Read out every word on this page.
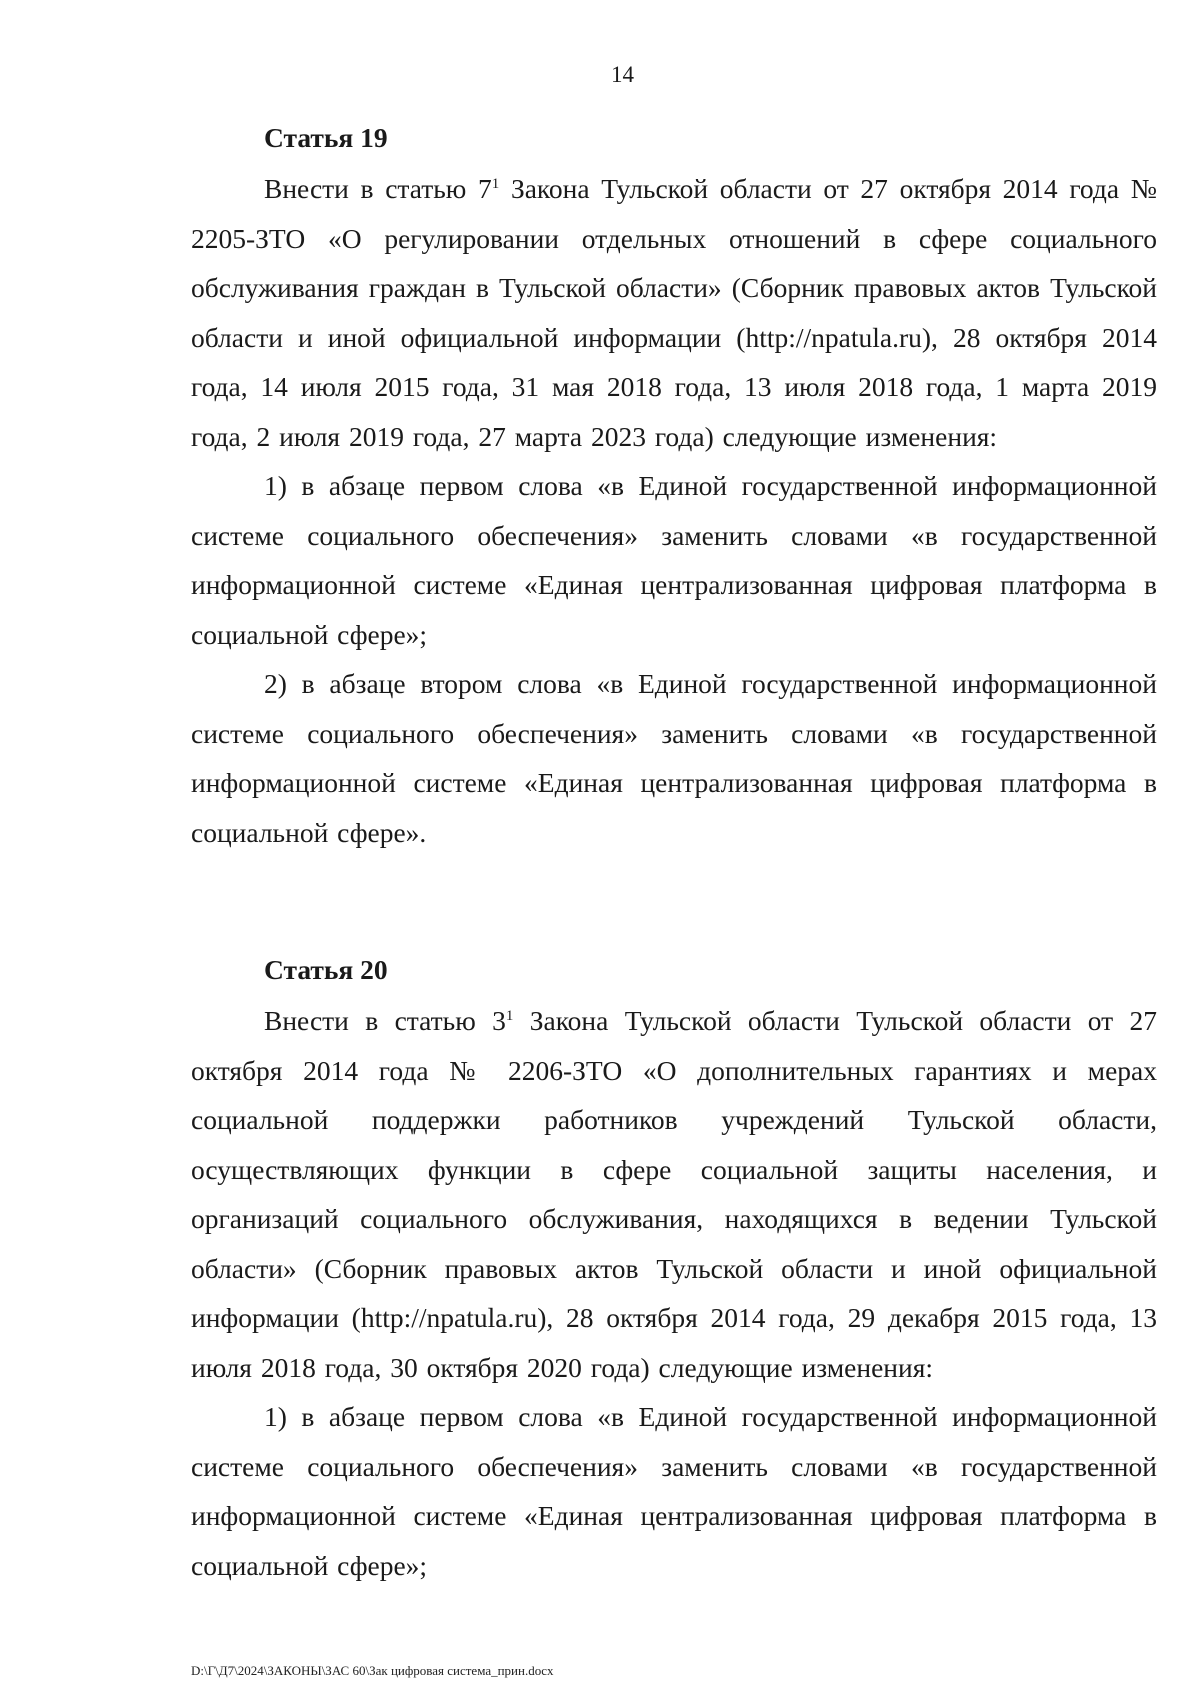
14
Статья 19

Внести в статью $7^1$ Закона Тульской области от 27 октября 2014 года № 2205-ЗТО «О регулировании отдельных отношений в сфере социального обслуживания граждан в Тульской области» (Сборник правовых актов Тульской области и иной официальной информации (http://npatula.ru), 28 октября 2014 года, 14 июля 2015 года, 31 мая 2018 года, 13 июля 2018 года, 1 марта 2019 года, 2 июля 2019 года, 27 марта 2023 года) следующие изменения:

1) в абзаце первом слова «в Единой государственной информационной системе социального обеспечения» заменить словами «в государственной информационной системе «Единая централизованная цифровая платформа в социальной сфере»;

2) в абзаце втором слова «в Единой государственной информационной системе социального обеспечения» заменить словами «в государственной информационной системе «Единая централизованная цифровая платформа в социальной сфере».

Статья 20

Внести в статью $3^1$ Закона Тульской области Тульской области от 27 октября 2014 года № 2206-ЗТО «О дополнительных гарантиях и мерах социальной поддержки работников учреждений Тульской области, осуществляющих функции в сфере социальной защиты населения, и организаций социального обслуживания, находящихся в ведении Тульской области» (Сборник правовых актов Тульской области и иной официальной информации (http://npatula.ru), 28 октября 2014 года, 29 декабря 2015 года, 13 июля 2018 года, 30 октября 2020 года) следующие изменения:

1) в абзаце первом слова «в Единой государственной информационной системе социального обеспечения» заменить словами «в государственной информационной системе «Единая централизованная цифровая платформа в социальной сфере»;

D:\Г\Д7\2024\ЗАКОНЫ\ЗАС 60\Зак цифровая система_прин.docx
